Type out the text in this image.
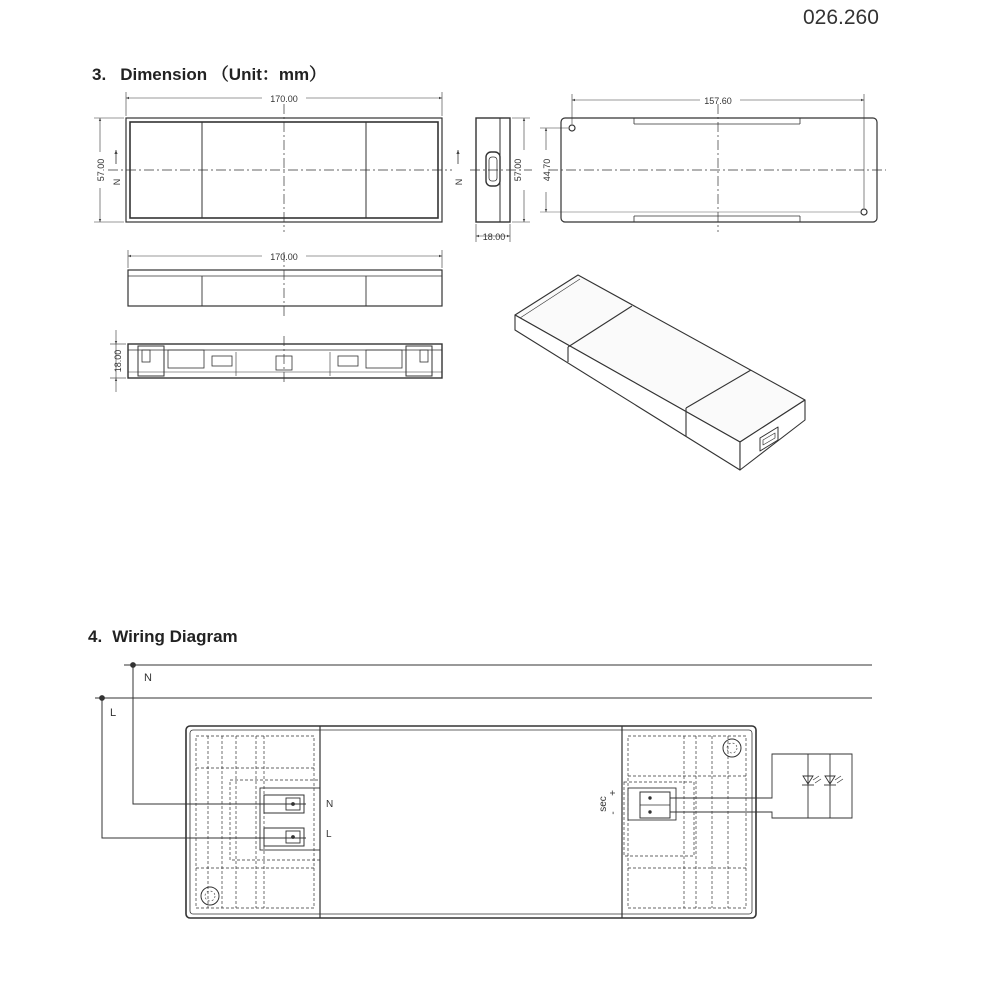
026.260
3. Dimension （Unit：mm）
4. Wiring Diagram
170.00
57.00
N
18.00
57.00
N
157.60
44.70
170.00
18.00
N
L
N
L
sec
+
-
